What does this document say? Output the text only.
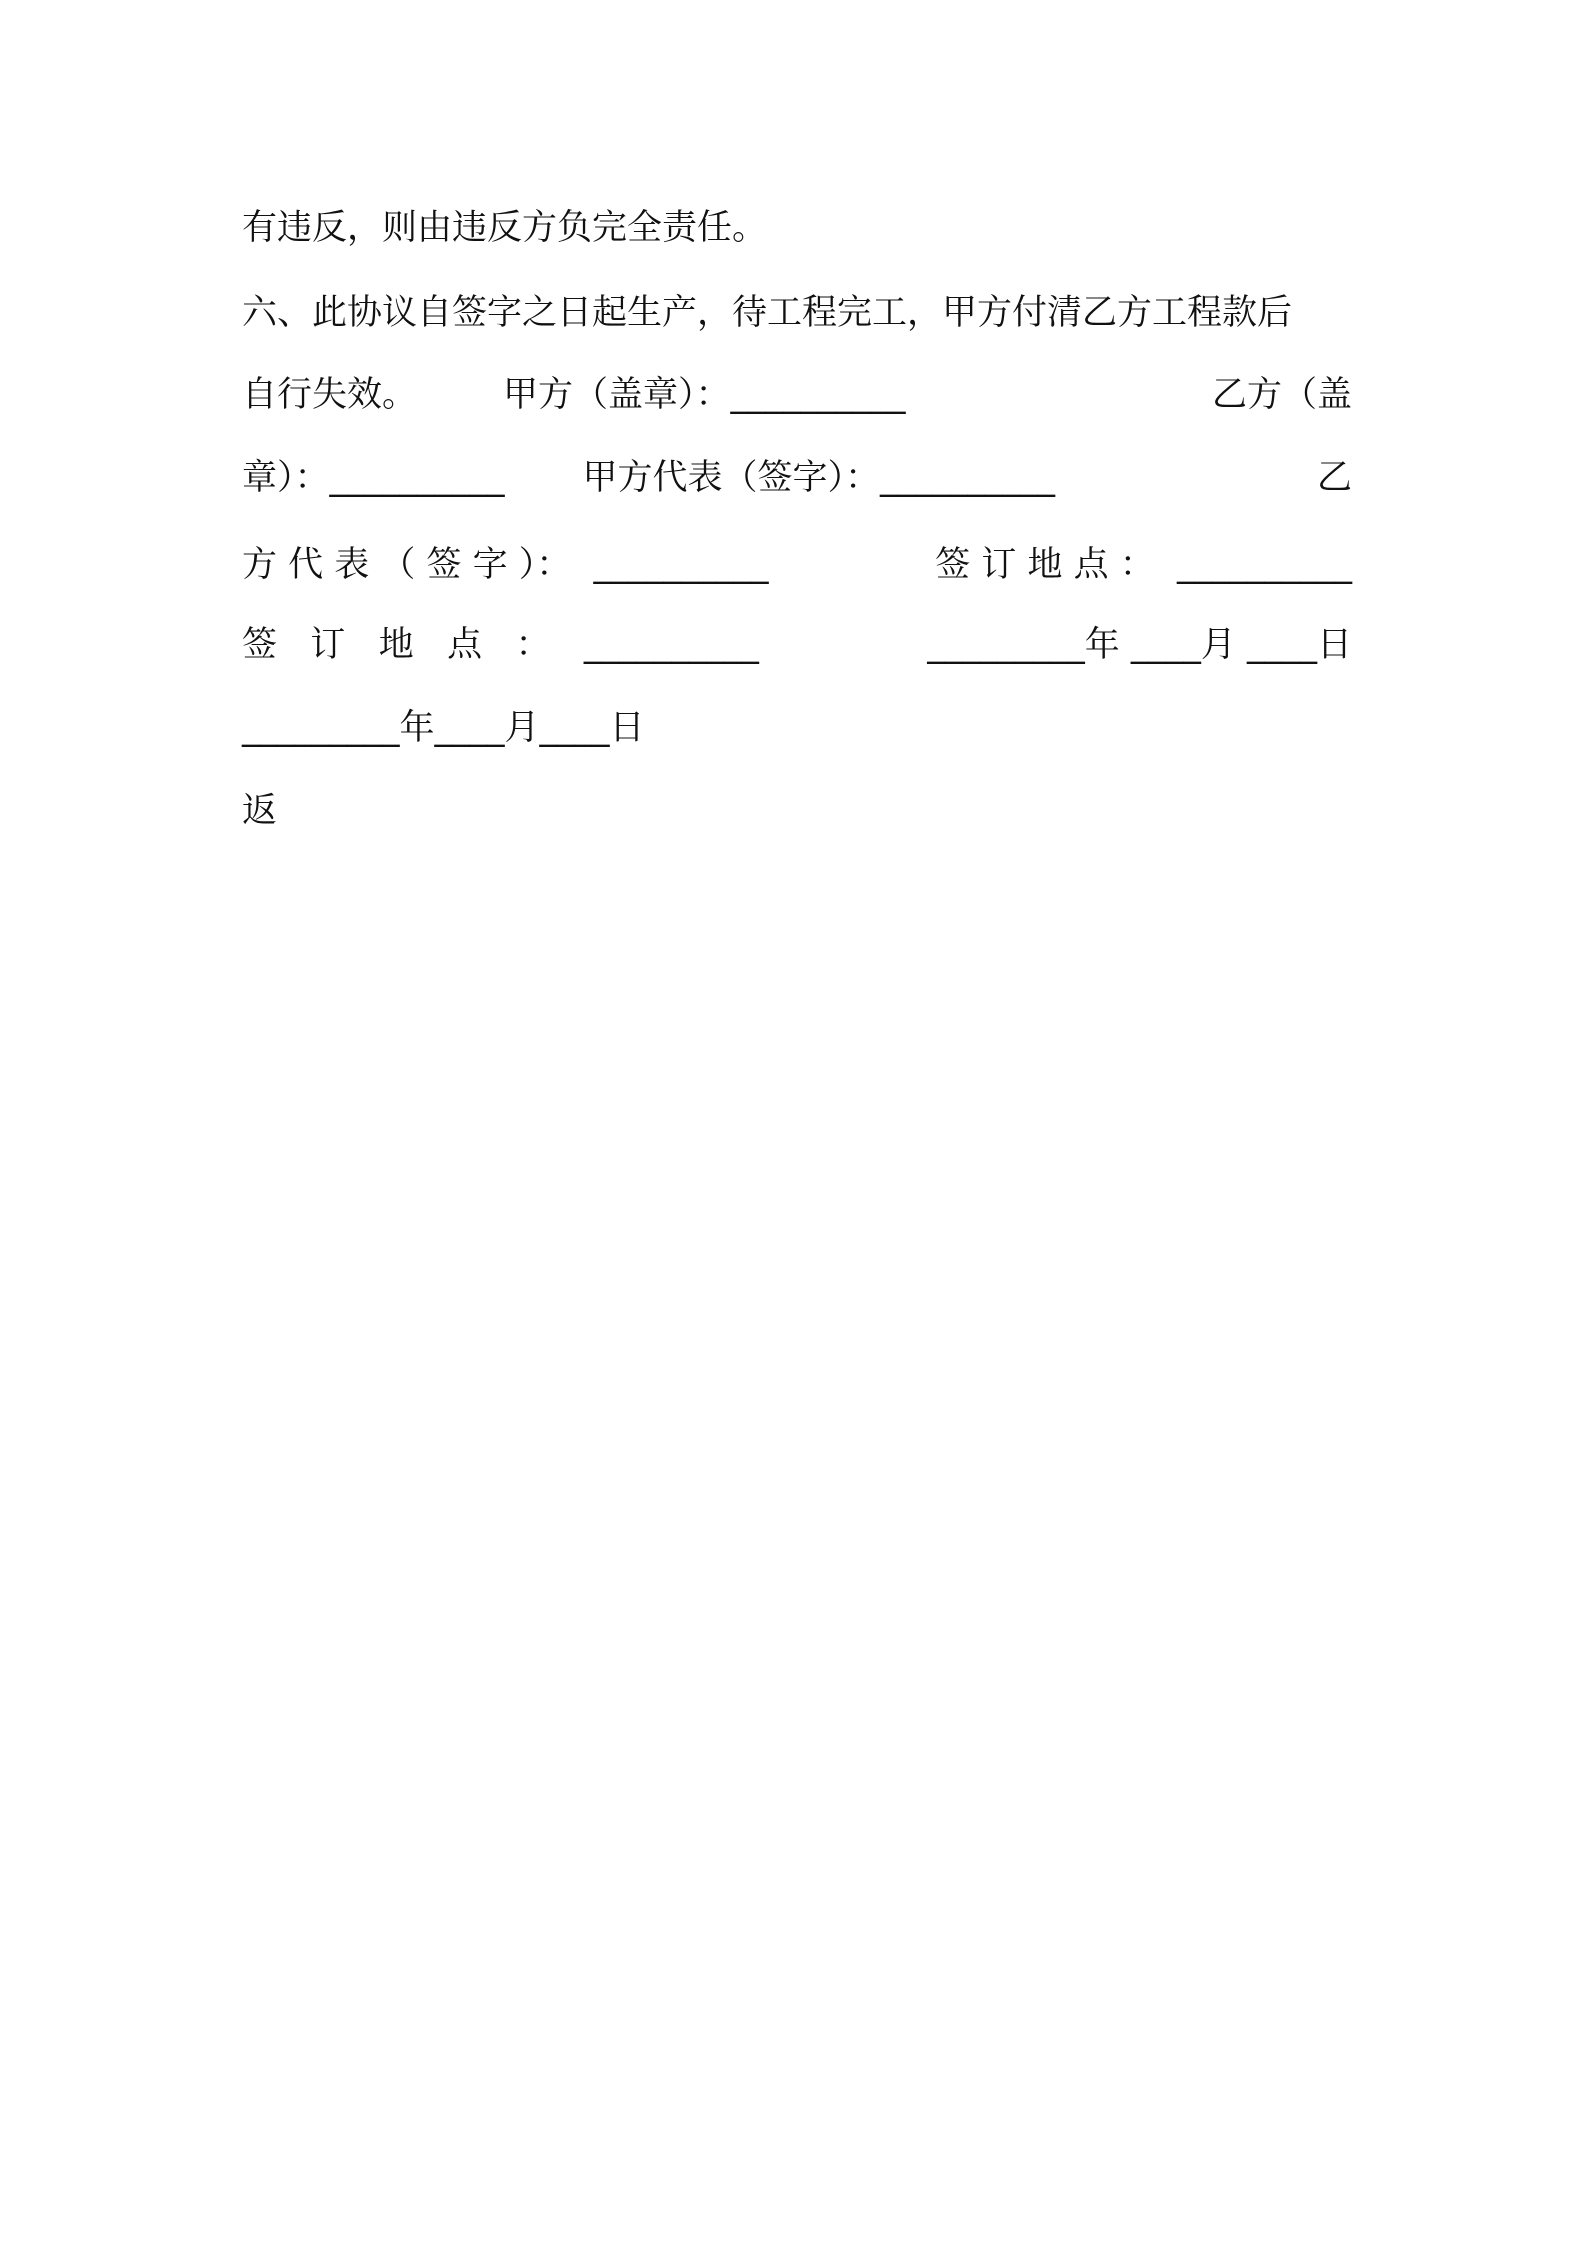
有违反，则由违反方负完全责任。
六、此协议自签字之日起生产，待工程完工，甲方付清乙方工程款后
自行失效。 甲方（盖章）：__________	乙方（盖
章）：__________ 甲方代表（签字）：__________	乙
方 代 表 （ 签 字 ）：  __________	签 订 地 点 ：  __________
签   订   地   点   ：   __________	_________年 ____月 ____日
_________年____月____日
返
